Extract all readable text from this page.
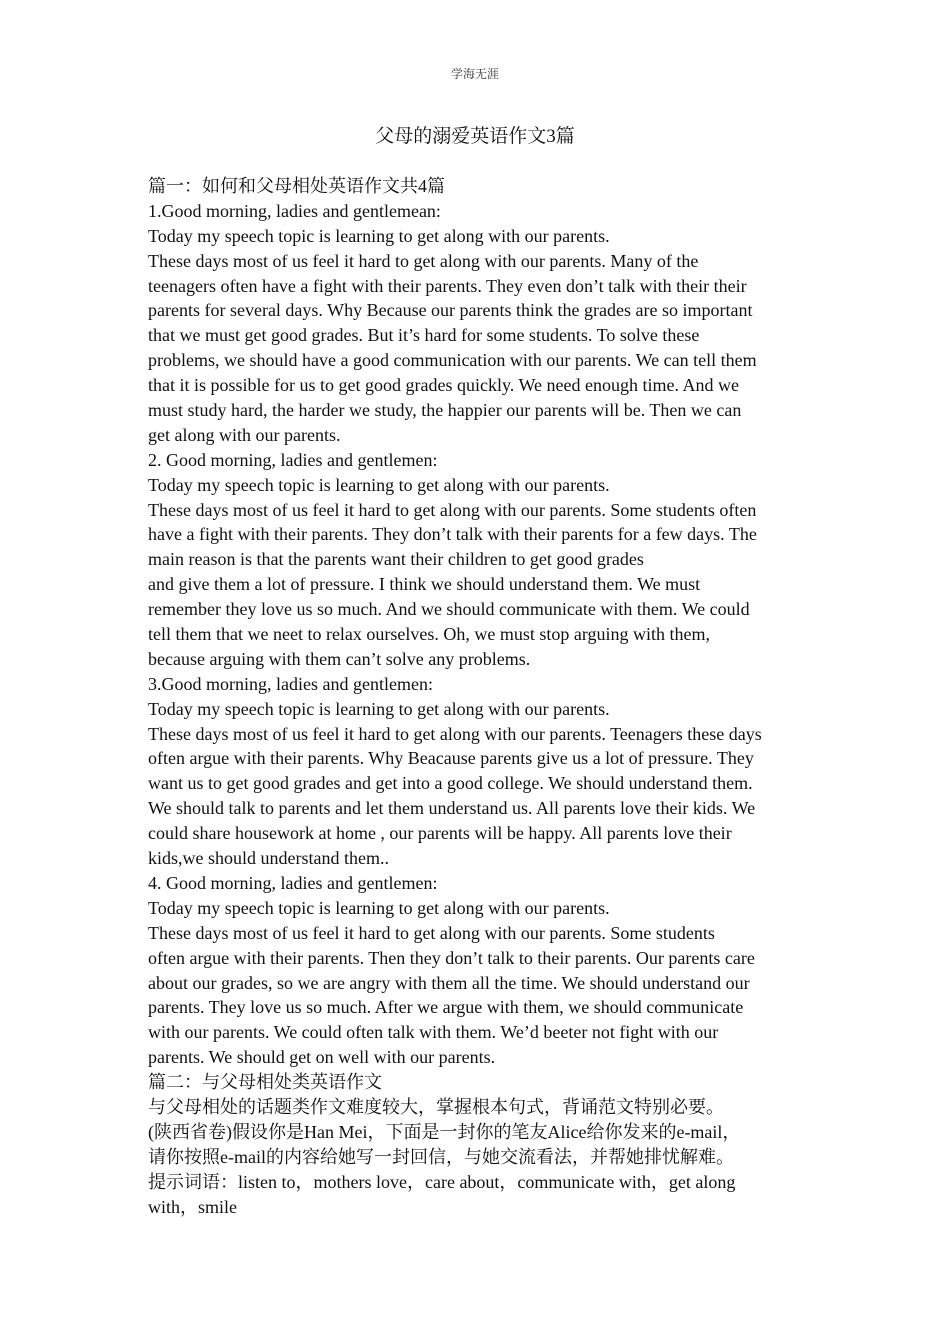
学海无涯
父母的溺爱英语作文3篇
篇一：如何和父母相处英语作文共4篇
1.Good morning, ladies and gentlemean:
Today my speech topic is learning to get along with our parents.
These days most of us feel it hard to get along with our parents. Many of the
teenagers often have a fight with their parents. They even don’t talk with their their
parents for several days. Why Because our parents think the grades are so important
that we must get good grades. But it’s hard for some students. To solve these
problems, we should have a good communication with our parents. We can tell them
that it is possible for us to get good grades quickly. We need enough time. And we
must study hard, the harder we study, the happier our parents will be. Then we can
get along with our parents.
2. Good morning, ladies and gentlemen:
Today my speech topic is learning to get along with our parents.
These days most of us feel it hard to get along with our parents. Some students often
have a fight with their parents. They don’t talk with their parents for a few days. The
main reason is that the parents want their children to get good grades
and give them a lot of pressure. I think we should understand them. We must
remember they love us so much. And we should communicate with them. We could
tell them that we neet to relax ourselves. Oh, we must stop arguing with them,
because arguing with them can’t solve any problems.
3.Good morning, ladies and gentlemen:
Today my speech topic is learning to get along with our parents.
These days most of us feel it hard to get along with our parents. Teenagers these days
often argue with their parents. Why Beacause parents give us a lot of pressure. They
want us to get good grades and get into a good college. We should understand them.
We should talk to parents and let them understand us. All parents love their kids. We
could share housework at home , our parents will be happy. All parents love their
kids,we should understand them..
4. Good morning, ladies and gentlemen:
Today my speech topic is learning to get along with our parents.
These days most of us feel it hard to get along with our parents. Some students
often argue with their parents. Then they don’t talk to their parents. Our parents care
about our grades, so we are angry with them all the time. We should understand our
parents. They love us so much. After we argue with them, we should communicate
with our parents. We could often talk with them. We’d beeter not fight with our
parents. We should get on well with our parents.
篇二：与父母相处类英语作文
与父母相处的话题类作文难度较大，掌握根本句式，背诵范文特别必要。
(陕西省卷)假设你是Han Mei，下面是一封你的笔友Alice给你发来的e-mail，
请你按照e-mail的内容给她写一封回信，与她交流看法，并帮她排忧解难。
提示词语：listen to，mothers love，care about，communicate with，get along
with，smile
